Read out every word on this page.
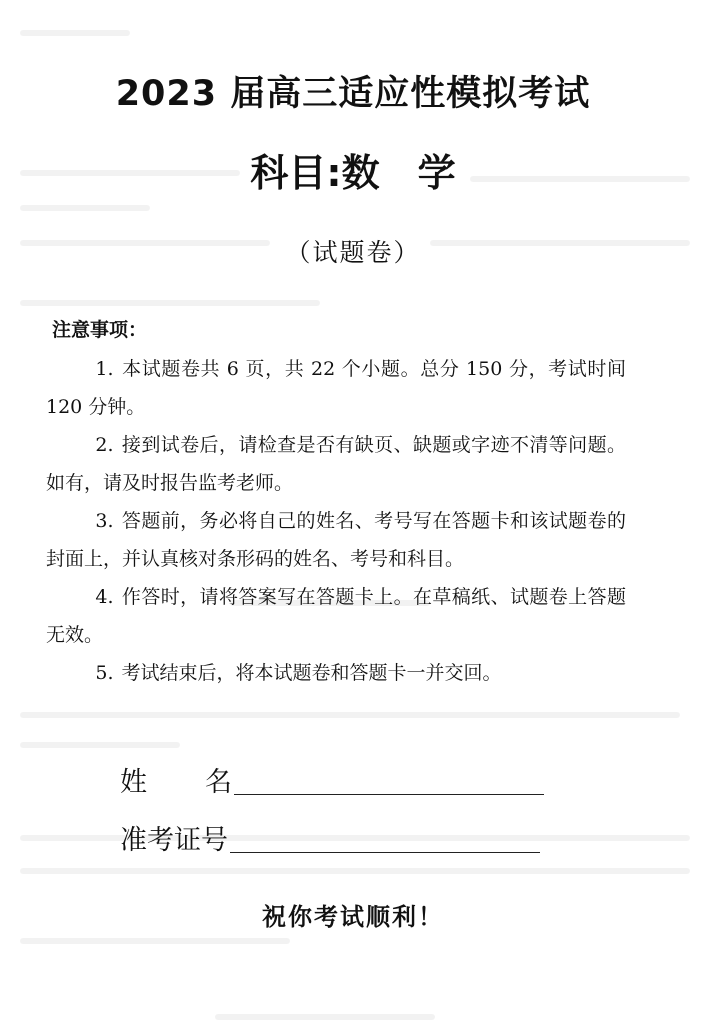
2023 届高三适应性模拟考试
科目:数 学
（试题卷）
注意事项：
1. 本试题卷共 6 页，共 22 个小题。总分 150 分，考试时间 120 分钟。
2. 接到试卷后，请检查是否有缺页、缺题或字迹不清等问题。如有，请及时报告监考老师。
3. 答题前，务必将自己的姓名、考号写在答题卡和该试题卷的封面上，并认真核对条形码的姓名、考号和科目。
4. 作答时，请将答案写在答题卡上。在草稿纸、试题卷上答题无效。
5. 考试结束后，将本试题卷和答题卡一并交回。
姓名
准考证号
祝你考试顺利！
